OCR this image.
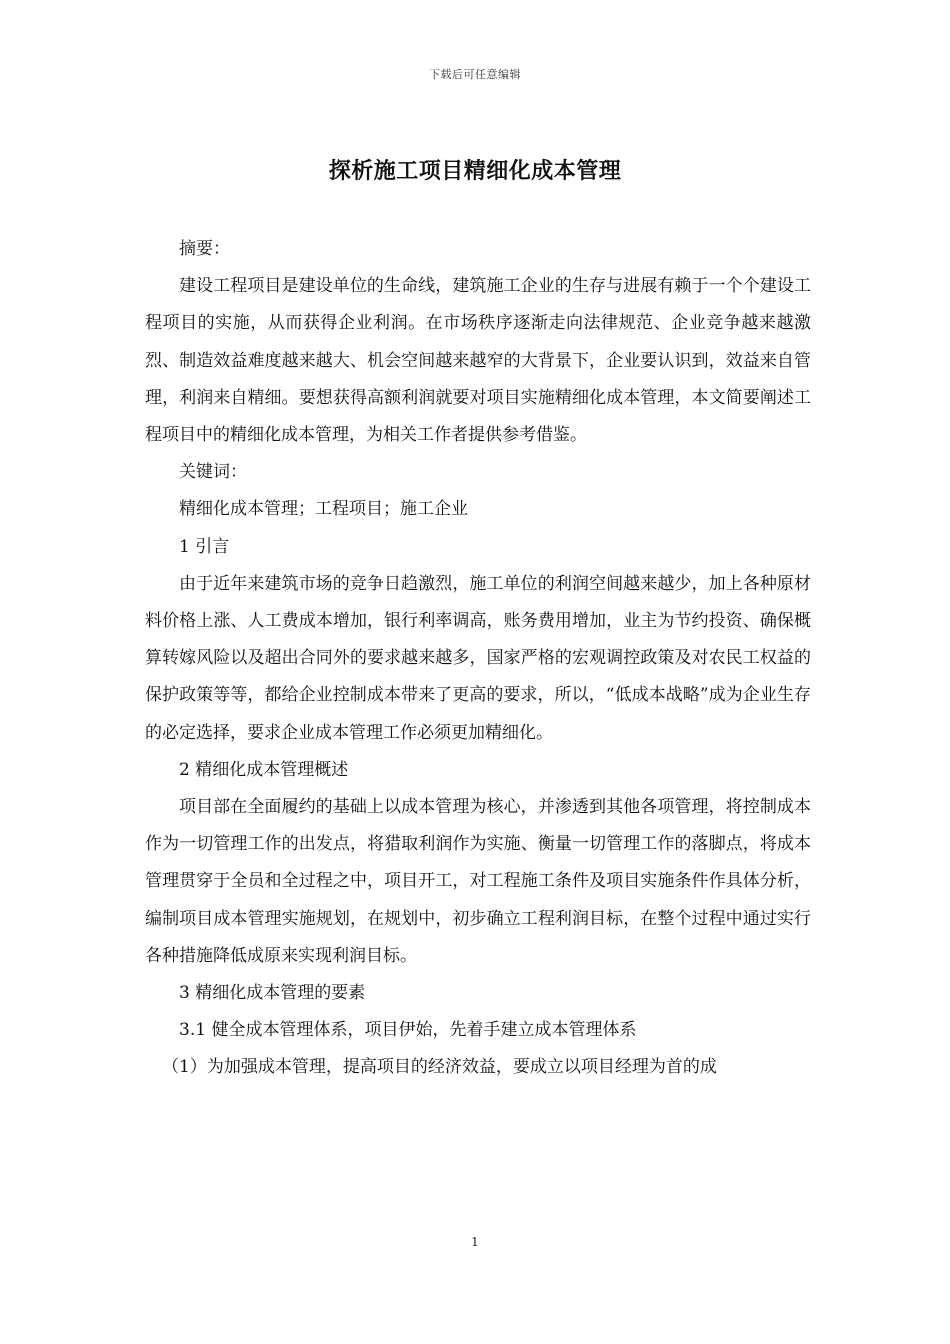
下载后可任意编辑
探析施工项目精细化成本管理

摘要：

建设工程项目是建设单位的生命线，建筑施工企业的生存与进展有赖于一个个建设工程项目的实施，从而获得企业利润。在市场秩序逐渐走向法律规范、企业竞争越来越激烈、制造效益难度越来越大、机会空间越来越窄的大背景下，企业要认识到，效益来自管理，利润来自精细。要想获得高额利润就要对项目实施精细化成本管理，本文简要阐述工程项目中的精细化成本管理，为相关工作者提供参考借鉴。

关键词：

精细化成本管理；工程项目；施工企业

1 引言

由于近年来建筑市场的竞争日趋激烈，施工单位的利润空间越来越少，加上各种原材料价格上涨、人工费成本增加，银行利率调高，账务费用增加，业主为节约投资、确保概算转嫁风险以及超出合同外的要求越来越多，国家严格的宏观调控政策及对农民工权益的保护政策等等，都给企业控制成本带来了更高的要求，所以，“低成本战略”成为企业生存的必定选择，要求企业成本管理工作必须更加精细化。

2 精细化成本管理概述

项目部在全面履约的基础上以成本管理为核心，并渗透到其他各项管理，将控制成本作为一切管理工作的出发点，将猎取利润作为实施、衡量一切管理工作的落脚点，将成本管理贯穿于全员和全过程之中，项目开工，对工程施工条件及项目实施条件作具体分析，编制项目成本管理实施规划，在规划中，初步确立工程利润目标，在整个过程中通过实行各种措施降低成原来实现利润目标。

3 精细化成本管理的要素

3.1 健全成本管理体系，项目伊始，先着手建立成本管理体系

（1）为加强成本管理，提高项目的经济效益，要成立以项目经理为首的成

1
